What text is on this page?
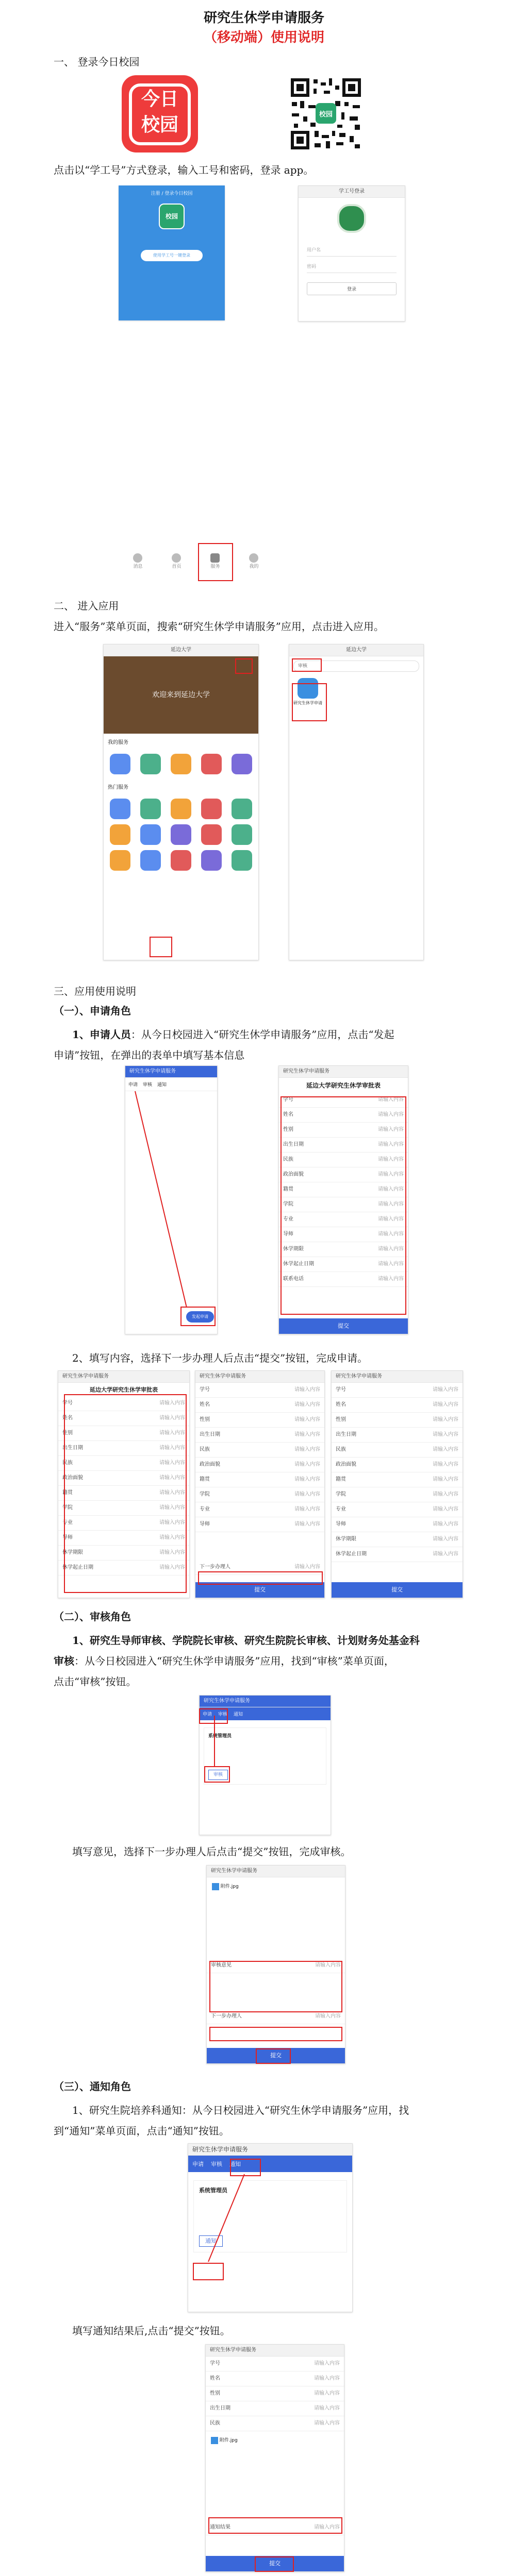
研究生休学申请服务
（移动端）使用说明
一、 登录今日校园
今日
校园	校园
点击以“学工号”方式登录，输入工号和密码，登录 app。
注册 / 登录今日校园
校园
使用学工号一键登录
学工号登录
用户名
密码
登录
消息	首页	服务	我的
二、 进入应用
进入“服务”菜单页面，搜索“研究生休学申请服务”应用，点击进入应用。
延边大学
欢迎来到延边大学
我的服务
热门服务
延边大学
审核
研究生休学申请
三、应用使用说明
（一）、申请角色
1、申请人员：从今日校园进入“研究生休学申请服务”应用，点击“发起
申请”按钮，在弹出的表单中填写基本信息
研究生休学申请服务
申请 审核 通知
发起申请
研究生休学申请服务
延边大学研究生休学审批表
学号	请输入内容
姓名	请输入内容
性别	请输入内容
出生日期	请输入内容
民族	请输入内容
政治面貌	请输入内容
籍贯	请输入内容
学院	请输入内容
专业	请输入内容
导师	请输入内容
休学期限	请输入内容
休学起止日期	请输入内容
联系电话	请输入内容
提交
2、填写内容，选择下一步办理人后点击“提交”按钮，完成申请。
研究生休学申请服务
延边大学研究生休学审批表
学号	请输入内容
姓名	请输入内容
性别	请输入内容
出生日期	请输入内容
民族	请输入内容
政治面貌	请输入内容
籍贯	请输入内容
学院	请输入内容
专业	请输入内容
导师	请输入内容
休学期限	请输入内容
休学起止日期	请输入内容
研究生休学申请服务
学号	请输入内容
姓名	请输入内容
性别	请输入内容
出生日期	请输入内容
民族	请输入内容
政治面貌	请输入内容
籍贯	请输入内容
学院	请输入内容
专业	请输入内容
导师	请输入内容
下一步办理人	请输入内容
提交
研究生休学申请服务
学号	请输入内容
姓名	请输入内容
性别	请输入内容
出生日期	请输入内容
民族	请输入内容
政治面貌	请输入内容
籍贯	请输入内容
学院	请输入内容
专业	请输入内容
导师	请输入内容
休学期限	请输入内容
休学起止日期	请输入内容
提交
（二）、审核角色
1、研究生导师审核、学院院长审核、研究生院院长审核、计划财务处基金科
审核：从今日校园进入“研究生休学申请服务”应用，找到“审核”菜单页面，
点击“审核”按钮。
研究生休学申请服务
申请 审核 通知
系统管理员
审核
填写意见，选择下一步办理人后点击“提交”按钮，完成审核。
研究生休学申请服务
附件.jpg
审核意见	请输入内容
下一步办理人	请输入内容
提交
（三）、通知角色
1、研究生院培养科通知：从今日校园进入“研究生休学申请服务”应用，找
到“通知”菜单页面，点击“通知”按钮。
研究生休学申请服务
申请 审核 通知
系统管理员
通知
填写通知结果后,点击“提交”按钮。
研究生休学申请服务
学号	请输入内容
姓名	请输入内容
性别	请输入内容
出生日期	请输入内容
民族	请输入内容
附件.jpg
通知结果	请输入内容
提交
